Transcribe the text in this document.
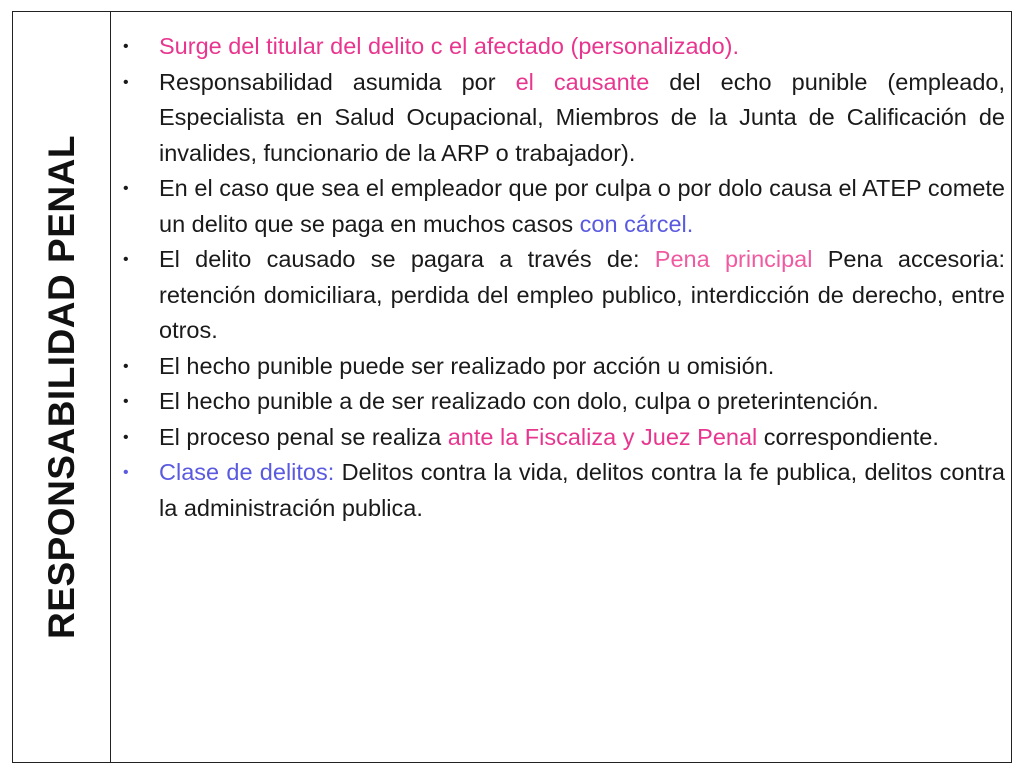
RESPONSABILIDAD PENAL
• Surge del titular del delito c el afectado (personalizado).
• Responsabilidad asumida por el causante del echo punible (empleado, Especialista en Salud Ocupacional, Miembros de la Junta de Calificación de invalides, funcionario de la ARP o trabajador).
• En el caso que sea el empleador que por culpa o por dolo causa el ATEP comete un delito que se paga en muchos casos con cárcel.
• El delito causado se pagara a través de: Pena principal Pena accesoria: retención domiciliara, perdida del empleo publico, interdicción de derecho, entre otros.
• El hecho punible puede ser realizado por acción u omisión.
• El hecho punible a de ser realizado con dolo, culpa o preterintención.
• El proceso penal se realiza ante la Fiscaliza y Juez Penal correspondiente.
• Clase de delitos: Delitos contra la vida, delitos contra la fe publica, delitos contra la administración publica.
